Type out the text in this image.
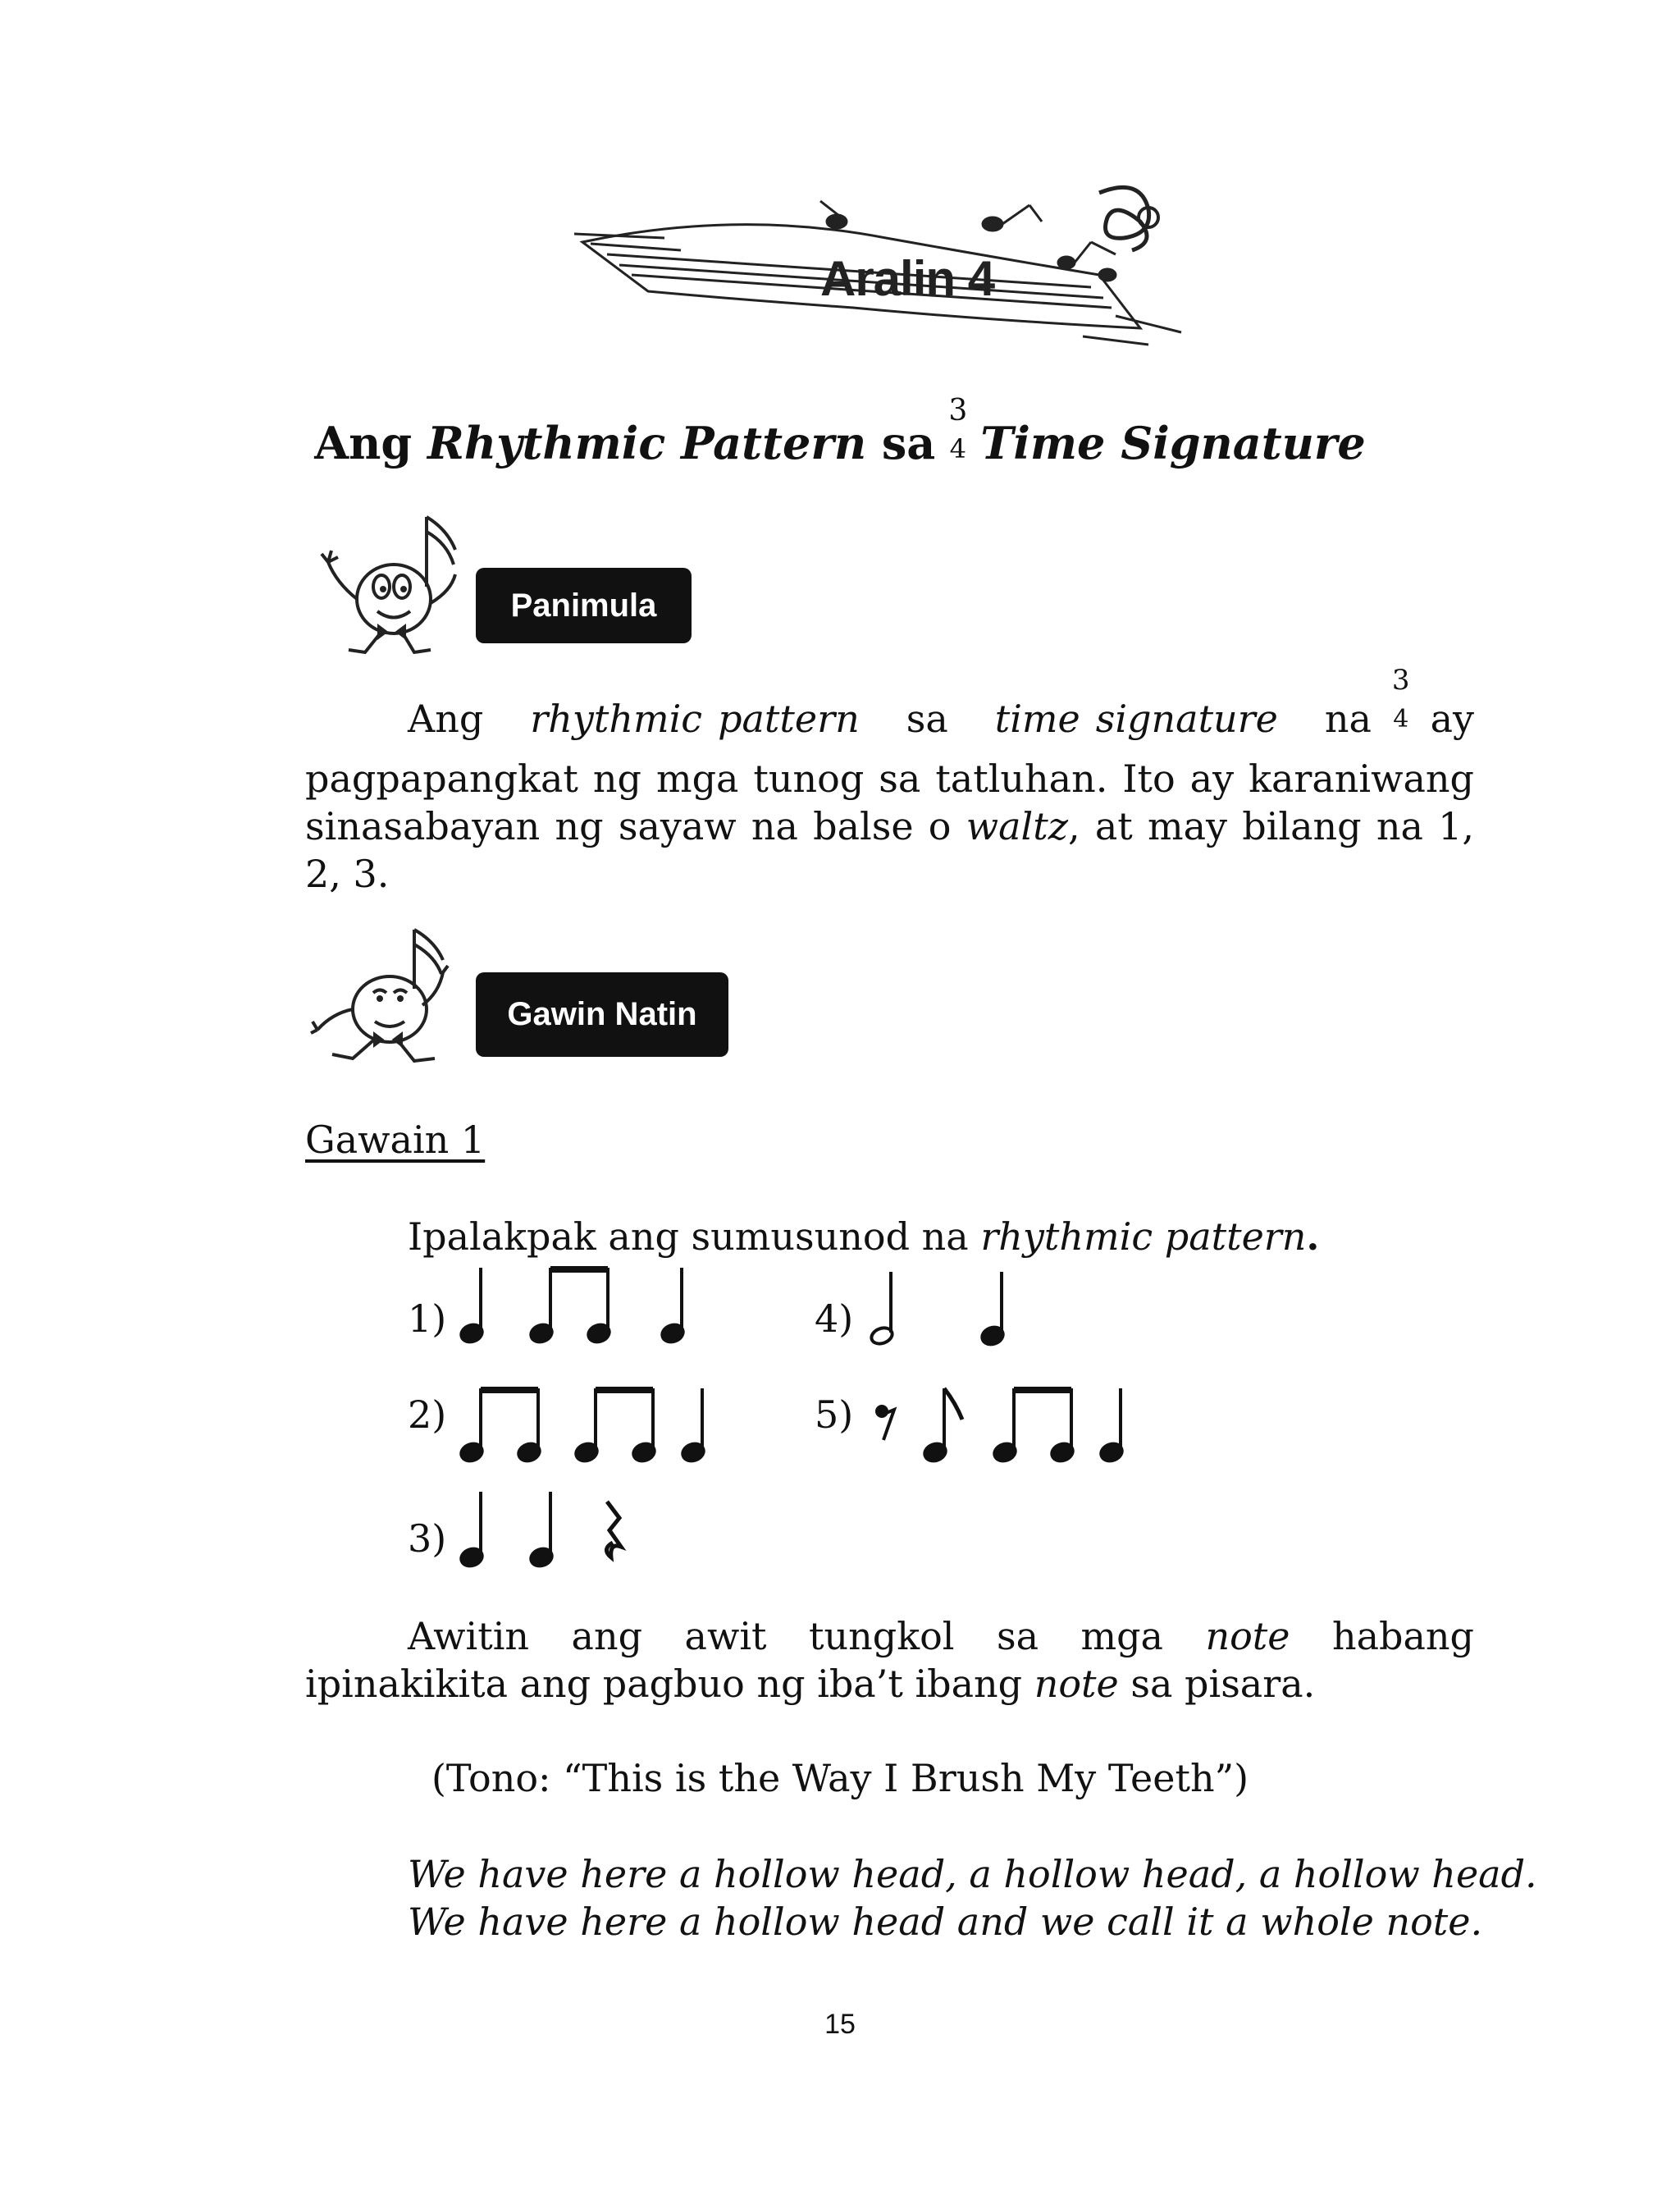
Aralin 4
Ang Rhythmic Pattern sa
3
4 Time Signature
Panimula
Ang rhythmic pattern sa time signature na
3
4 ay pagpapangkat ng mga tunog sa tatluhan. Ito ay karaniwang sinasabayan ng sayaw na balse o waltz, at may bilang na 1, 2, 3.
Gawin Natin
Gawain 1
Ipalakpak ang sumusunod na rhythmic pattern.
1)
2)
3)
4)
5)
Awitin ang awit tungkol sa mga note habang ipinakikita ang pagbuo ng iba’t ibang note sa pisara.
(Tono: “This is the Way I Brush My Teeth”)
We have here a hollow head, a hollow head, a hollow head.
We have here a hollow head and we call it a whole note.
15
